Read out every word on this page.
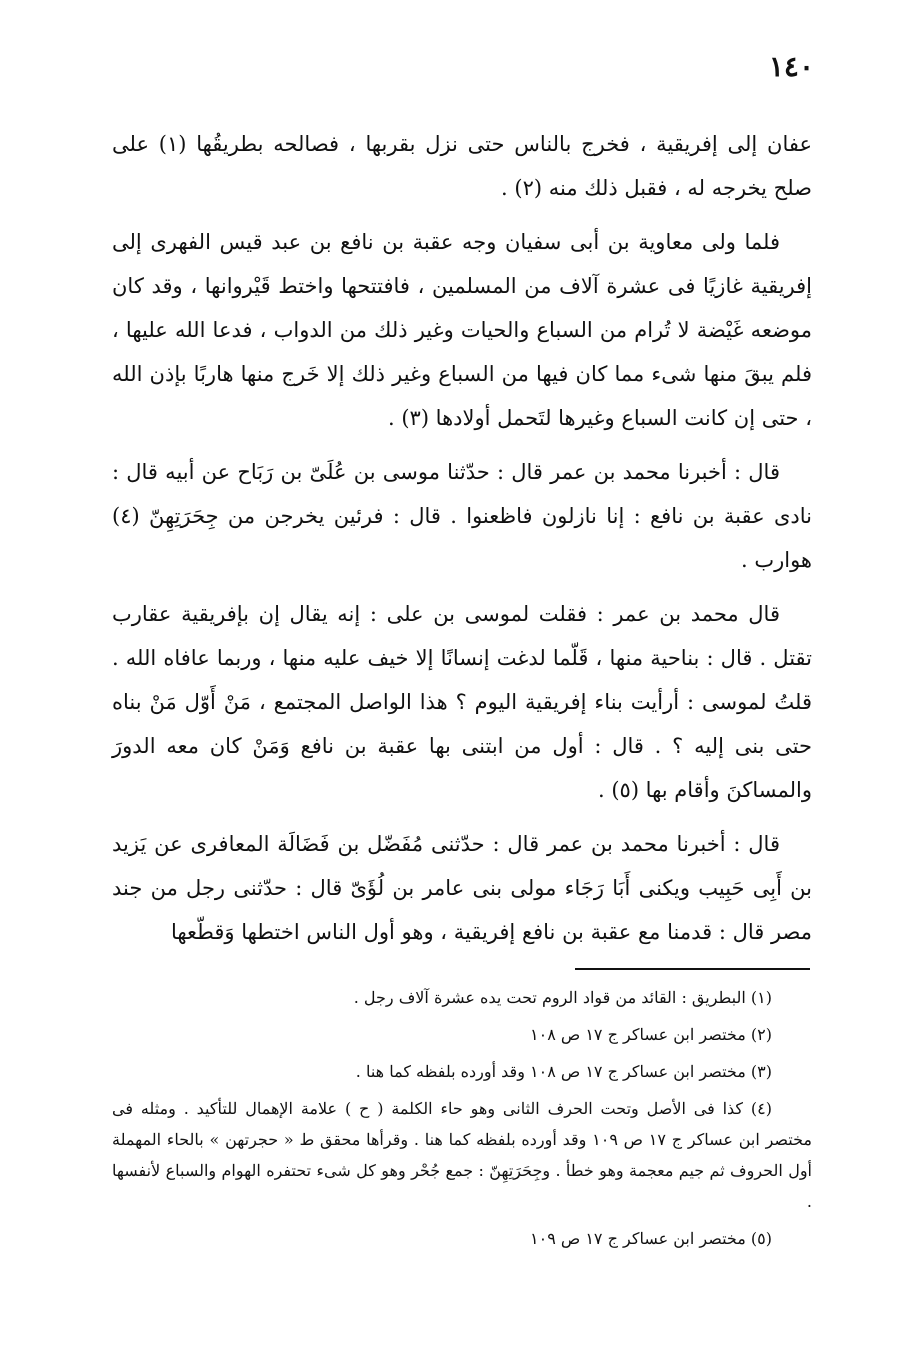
١٤٠

عفان إلى إفريقية ، فخرج بالناس حتى نزل بقربها ، فصالحه بطريقُها (١) على صلح يخرجه له ، فقبل ذلك منه (٢) .

فلما ولى معاوية بن أبى سفيان وجه عقبة بن نافع بن عبد قيس الفهرى إلى إفريقية غازيًا فى عشرة آلاف من المسلمين ، فافتتحها واختط قَيْروانها ، وقد كان موضعه غَيْضة لا تُرام من السباع والحيات وغير ذلك من الدواب ، فدعا الله عليها ، فلم يبقَ منها شىء مما كان فيها من السباع وغير ذلك إلا خَرج منها هاربًا بإذن الله ، حتى إن كانت السباع وغيرها لتَحمل أولادها (٣) .

قال : أخبرنا محمد بن عمر قال : حدّثنا موسى بن عُلَىّ بن رَبَاح عن أبيه قال : نادى عقبة بن نافع : إنا نازلون فاظعنوا . قال : فرئين يخرجن من جِحَرَتِهِنّ (٤) هوارب .

قال محمد بن عمر : فقلت لموسى بن على : إنه يقال إن بإفريقية عقارب تقتل . قال : بناحية منها ، قَلّما لدغت إنسانًا إلا خيف عليه منها ، وربما عافاه الله . قلتُ لموسى : أرأيت بناء إفريقية اليوم ؟ هذا الواصل المجتمع ، مَنْ أَوّل مَنْ بناه حتى بنى إليه ؟ . قال : أول من ابتنى بها عقبة بن نافع وَمَنْ كان معه الدورَ والمساكنَ وأقام بها (٥) .

قال : أخبرنا محمد بن عمر قال : حدّثنى مُفَضّل بن فَضَالَة المعافرى عن يَزيد بن أَبِى حَبِيب ويكنى أَبَا رَجَاء مولى بنى عامر بن لُؤَىّ قال : حدّثنى رجل من جند مصر قال : قدمنا مع عقبة بن نافع إفريقية ، وهو أول الناس اختطها وَقطّعها

(١) البطريق : القائد من قواد الروم تحت يده عشرة آلاف رجل .

(٢) مختصر ابن عساكر ج ١٧ ص ١٠٨

(٣) مختصر ابن عساكر ج ١٧ ص ١٠٨ وقد أورده بلفظه كما هنا .

(٤) كذا فى الأصل وتحت الحرف الثانى وهو حاء الكلمة ( ح ) علامة الإهمال للتأكيد . ومثله فى مختصر ابن عساكر ج ١٧ ص ١٠٩ وقد أورده بلفظه كما هنا . وقرأها محقق ط « حجرتهن » بالحاء المهملة أول الحروف ثم جيم معجمة وهو خطأ . وجِحَرَتِهِنّ : جمع جُحْر وهو كل شىء تحتفره الهوام والسباع لأنفسها .

(٥) مختصر ابن عساكر ج ١٧ ص ١٠٩
